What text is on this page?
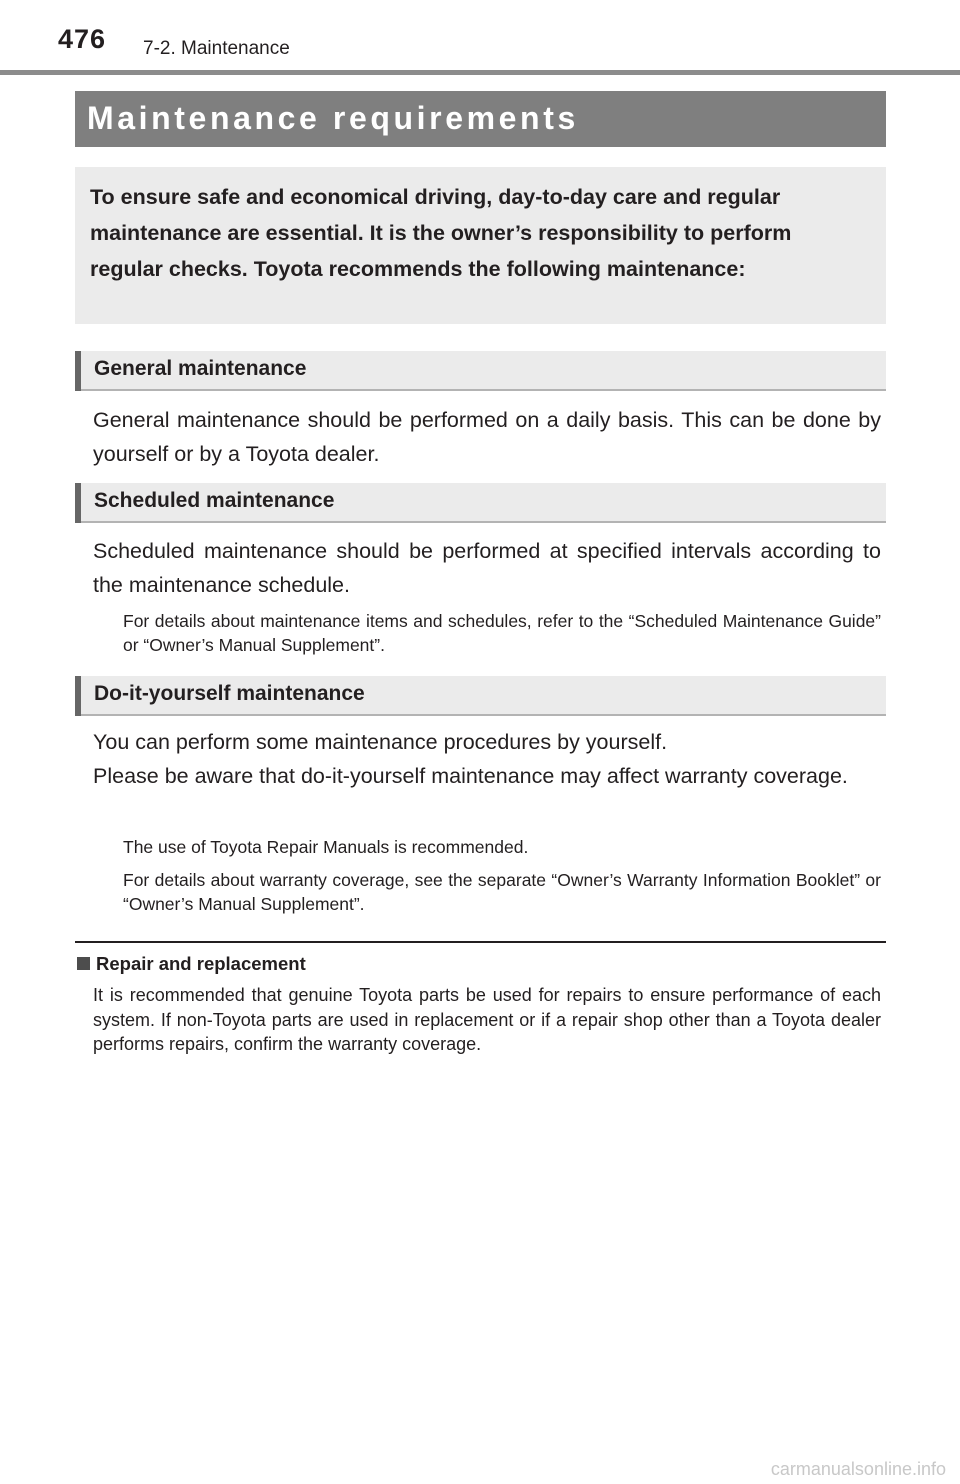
476 7-2. Maintenance
Maintenance requirements
To ensure safe and economical driving, day-to-day care and regular maintenance are essential. It is the owner’s responsibility to perform regular checks. Toyota recommends the following maintenance:
General maintenance
General maintenance should be performed on a daily basis. This can be done by yourself or by a Toyota dealer.
Scheduled maintenance
Scheduled maintenance should be performed at specified intervals according to the maintenance schedule.
For details about maintenance items and schedules, refer to the “Scheduled Maintenance Guide” or “Owner’s Manual Supplement”.
Do-it-yourself maintenance
You can perform some maintenance procedures by yourself.
Please be aware that do-it-yourself maintenance may affect warranty coverage.
The use of Toyota Repair Manuals is recommended.
For details about warranty coverage, see the separate “Owner’s Warranty Information Booklet” or “Owner’s Manual Supplement”.
Repair and replacement
It is recommended that genuine Toyota parts be used for repairs to ensure performance of each system. If non-Toyota parts are used in replacement or if a repair shop other than a Toyota dealer performs repairs, confirm the warranty coverage.
carmanualsonline.info
